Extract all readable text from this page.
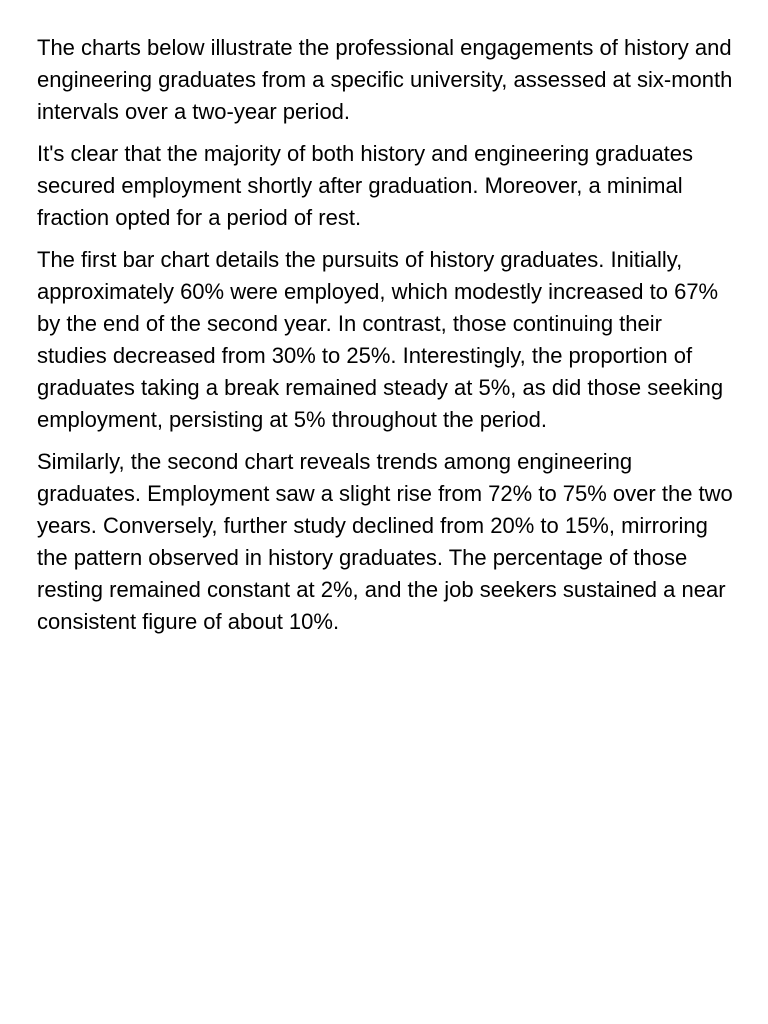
The charts below illustrate the professional engagements of history and engineering graduates from a specific university, assessed at six-month intervals over a two-year period.

It's clear that the majority of both history and engineering graduates secured employment shortly after graduation. Moreover, a minimal fraction opted for a period of rest.

The first bar chart details the pursuits of history graduates. Initially, approximately 60% were employed, which modestly increased to 67% by the end of the second year. In contrast, those continuing their studies decreased from 30% to 25%. Interestingly, the proportion of graduates taking a break remained steady at 5%, as did those seeking employment, persisting at 5% throughout the period.

Similarly, the second chart reveals trends among engineering graduates. Employment saw a slight rise from 72% to 75% over the two years. Conversely, further study declined from 20% to 15%, mirroring the pattern observed in history graduates. The percentage of those resting remained constant at 2%, and the job seekers sustained a near consistent figure of about 10%.
